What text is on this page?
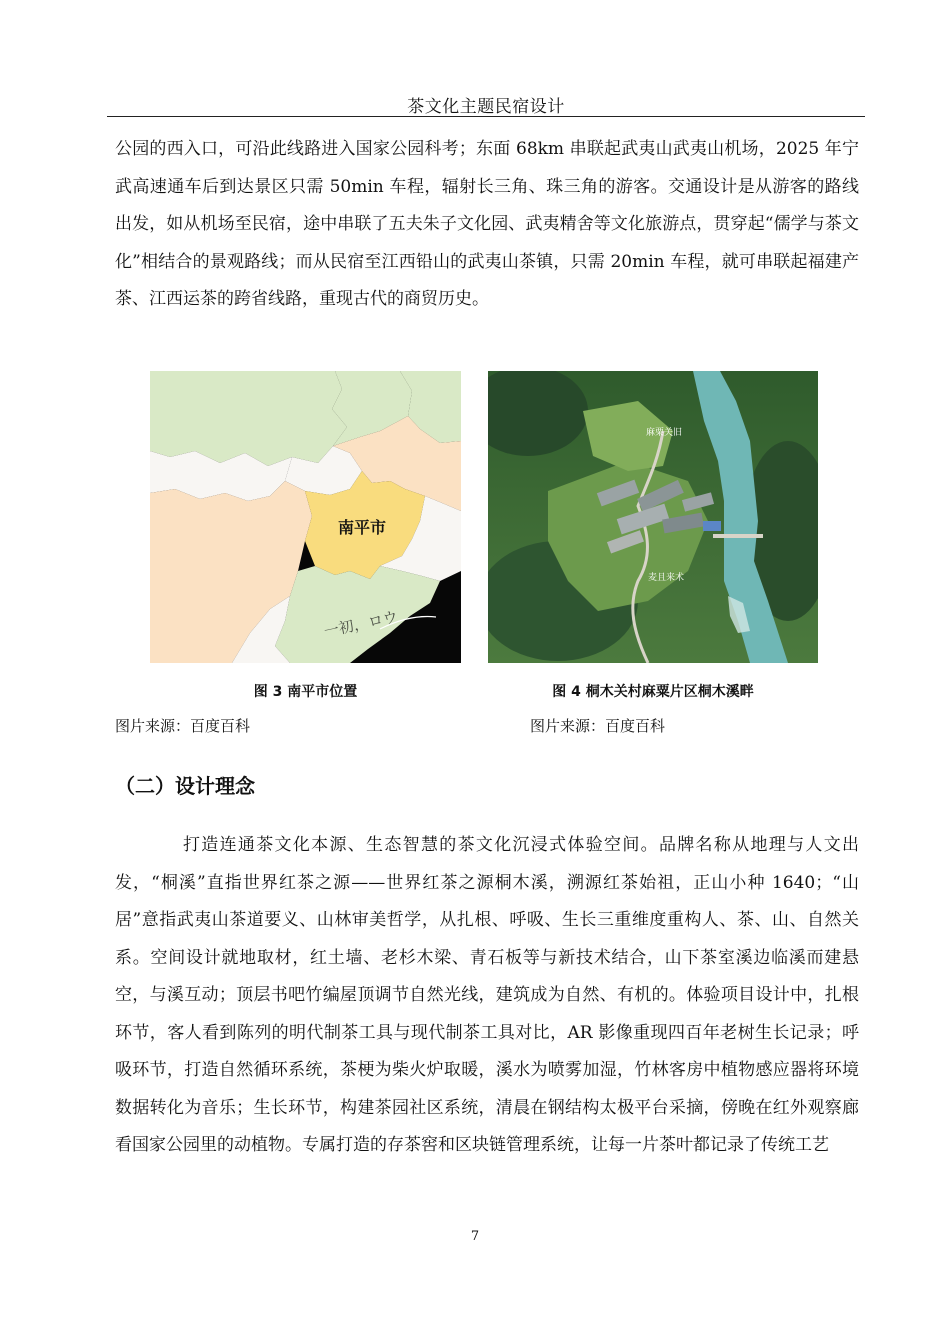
茶文化主题民宿设计

公园的西入口，可沿此线路进入国家公园科考；东面 68km 串联起武夷山武夷山机场，2025 年宁武高速通车后到达景区只需 50min 车程，辐射长三角、珠三角的游客。交通设计是从游客的路线出发，如从机场至民宿，途中串联了五夫朱子文化园、武夷精舍等文化旅游点，贯穿起“儒学与茶文化”相结合的景观路线；而从民宿至江西铅山的武夷山茶镇，只需 20min 车程，就可串联起福建产茶、江西运茶的跨省线路，重现古代的商贸历史。

南平市
一初，ロウ
麻栗关旧
麦且来术
图 3 南平市位置	图 4 桐木关村麻粟片区桐木溪畔
图片来源：百度百科	图片来源：百度百科
（二）设计理念

打造连通茶文化本源、生态智慧的茶文化沉浸式体验空间。品牌名称从地理与人文出发，“桐溪”直指世界红茶之源——世界红茶之源桐木溪，溯源红茶始祖，正山小种 1640；“山居”意指武夷山茶道要义、山林审美哲学，从扎根、呼吸、生长三重维度重构人、茶、山、自然关系。空间设计就地取材，红土墙、老杉木梁、青石板等与新技术结合，山下茶室溪边临溪而建悬空，与溪互动；顶层书吧竹编屋顶调节自然光线，建筑成为自然、有机的。体验项目设计中，扎根环节，客人看到陈列的明代制茶工具与现代制茶工具对比，AR 影像重现四百年老树生长记录；呼吸环节，打造自然循环系统，茶梗为柴火炉取暖，溪水为喷雾加湿，竹林客房中植物感应器将环境数据转化为音乐；生长环节，构建茶园社区系统，清晨在钢结构太极平台采摘，傍晚在红外观察廊看国家公园里的动植物。专属打造的存茶窖和区块链管理系统，让每一片茶叶都记录了传统工艺

7
